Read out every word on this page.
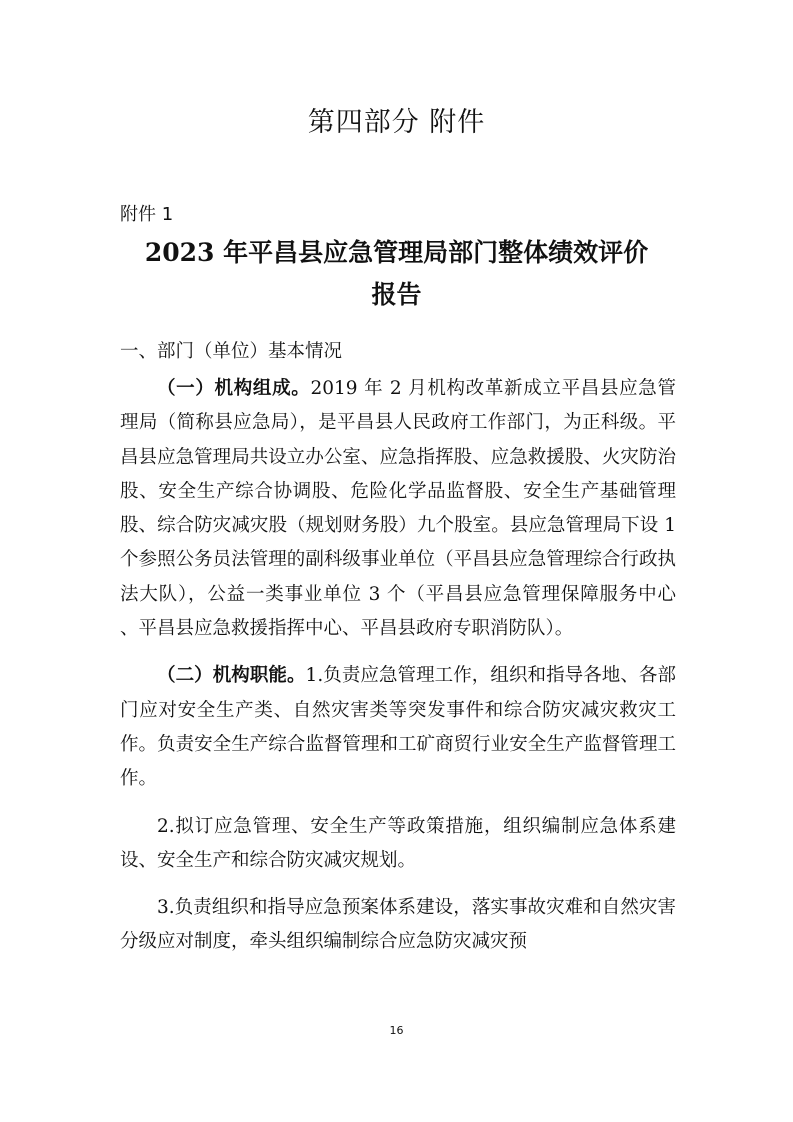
第四部分 附件
附件 1
2023 年平昌县应急管理局部门整体绩效评价
报告
一、部门（单位）基本情况

（一）机构组成。2019 年 2 月机构改革新成立平昌县应急管理局（简称县应急局），是平昌县人民政府工作部门，为正科级。平昌县应急管理局共设立办公室、应急指挥股、应急救援股、火灾防治股、安全生产综合协调股、危险化学品监督股、安全生产基础管理股、综合防灾减灾股（规划财务股）九个股室。县应急管理局下设 1 个参照公务员法管理的副科级事业单位（平昌县应急管理综合行政执法大队），公益一类事业单位 3 个（平昌县应急管理保障服务中心 、平昌县应急救援指挥中心、平昌县政府专职消防队）。

（二）机构职能。1.负责应急管理工作，组织和指导各地、各部门应对安全生产类、自然灾害类等突发事件和综合防灾减灾救灾工作。负责安全生产综合监督管理和工矿商贸行业安全生产监督管理工作。

2.拟订应急管理、安全生产等政策措施，组织编制应急体系建设、安全生产和综合防灾减灾规划。

3.负责组织和指导应急预案体系建设，落实事故灾难和自然灾害分级应对制度，牵头组织编制综合应急防灾减灾预

16
